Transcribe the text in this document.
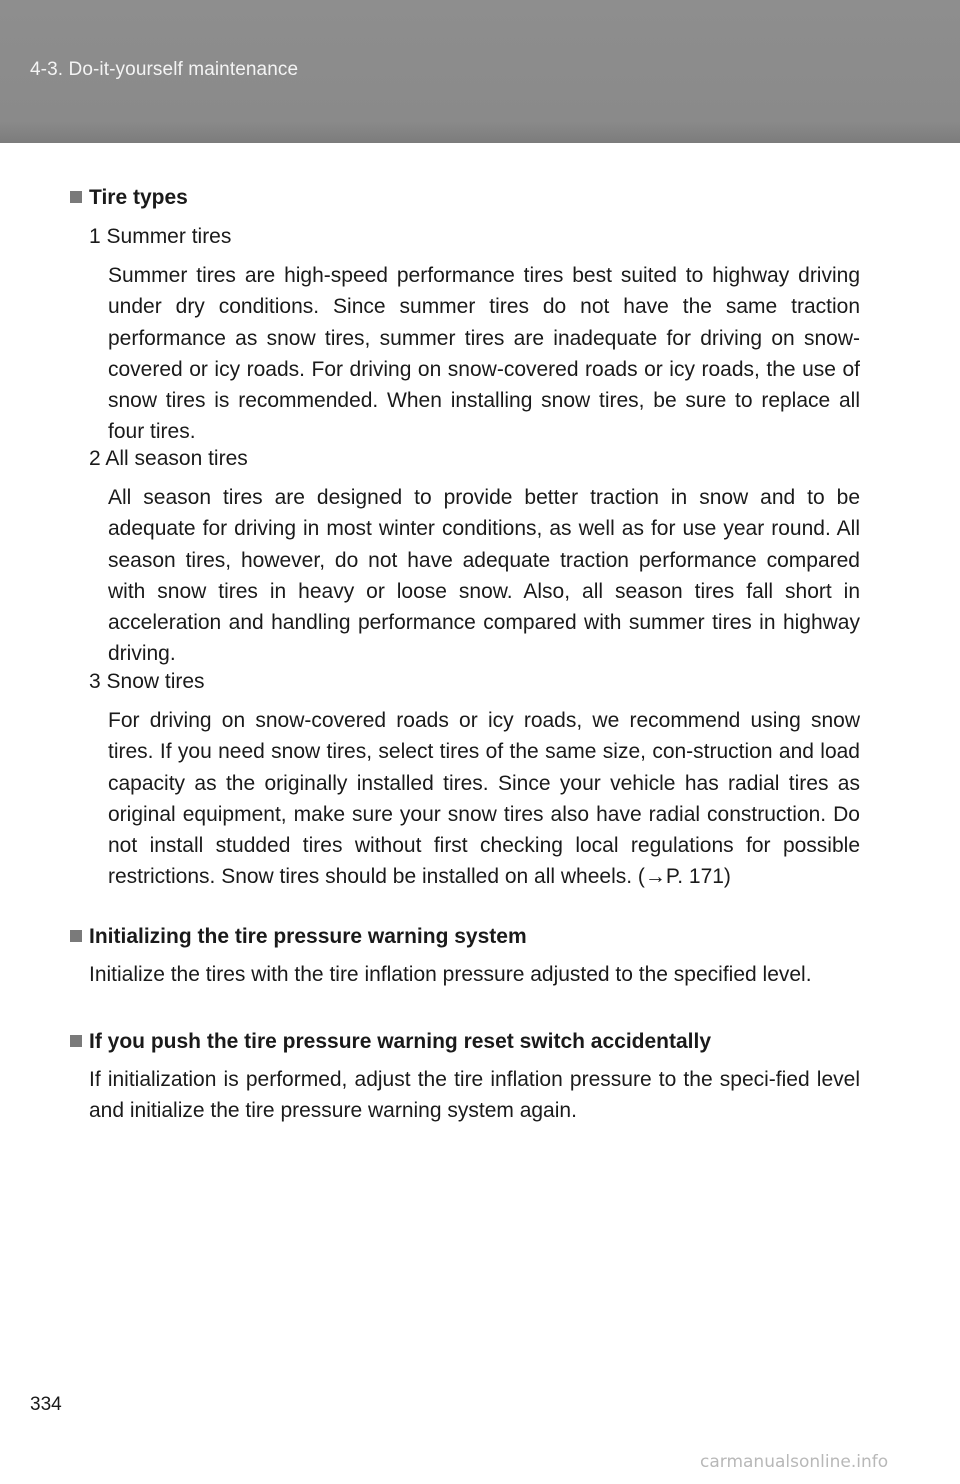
4-3. Do-it-yourself maintenance
Tire types
1 Summer tires

Summer tires are high-speed performance tires best suited to highway driving under dry conditions. Since summer tires do not have the same traction performance as snow tires, summer tires are inadequate for driving on snow-covered or icy roads. For driving on snow-covered roads or icy roads, the use of snow tires is recommended. When installing snow tires, be sure to replace all four tires.

2 All season tires

All season tires are designed to provide better traction in snow and to be adequate for driving in most winter conditions, as well as for use year round. All season tires, however, do not have adequate traction performance compared with snow tires in heavy or loose snow. Also, all season tires fall short in acceleration and handling performance compared with summer tires in highway driving.

3 Snow tires

For driving on snow-covered roads or icy roads, we recommend using snow tires. If you need snow tires, select tires of the same size, con-struction and load capacity as the originally installed tires. Since your vehicle has radial tires as original equipment, make sure your snow tires also have radial construction. Do not install studded tires without first checking local regulations for possible restrictions. Snow tires should be installed on all wheels. (→P. 171)

Initializing the tire pressure warning system

Initialize the tires with the tire inflation pressure adjusted to the specified level.

If you push the tire pressure warning reset switch accidentally

If initialization is performed, adjust the tire inflation pressure to the speci-fied level and initialize the tire pressure warning system again.

334
carmanualsonline.info
